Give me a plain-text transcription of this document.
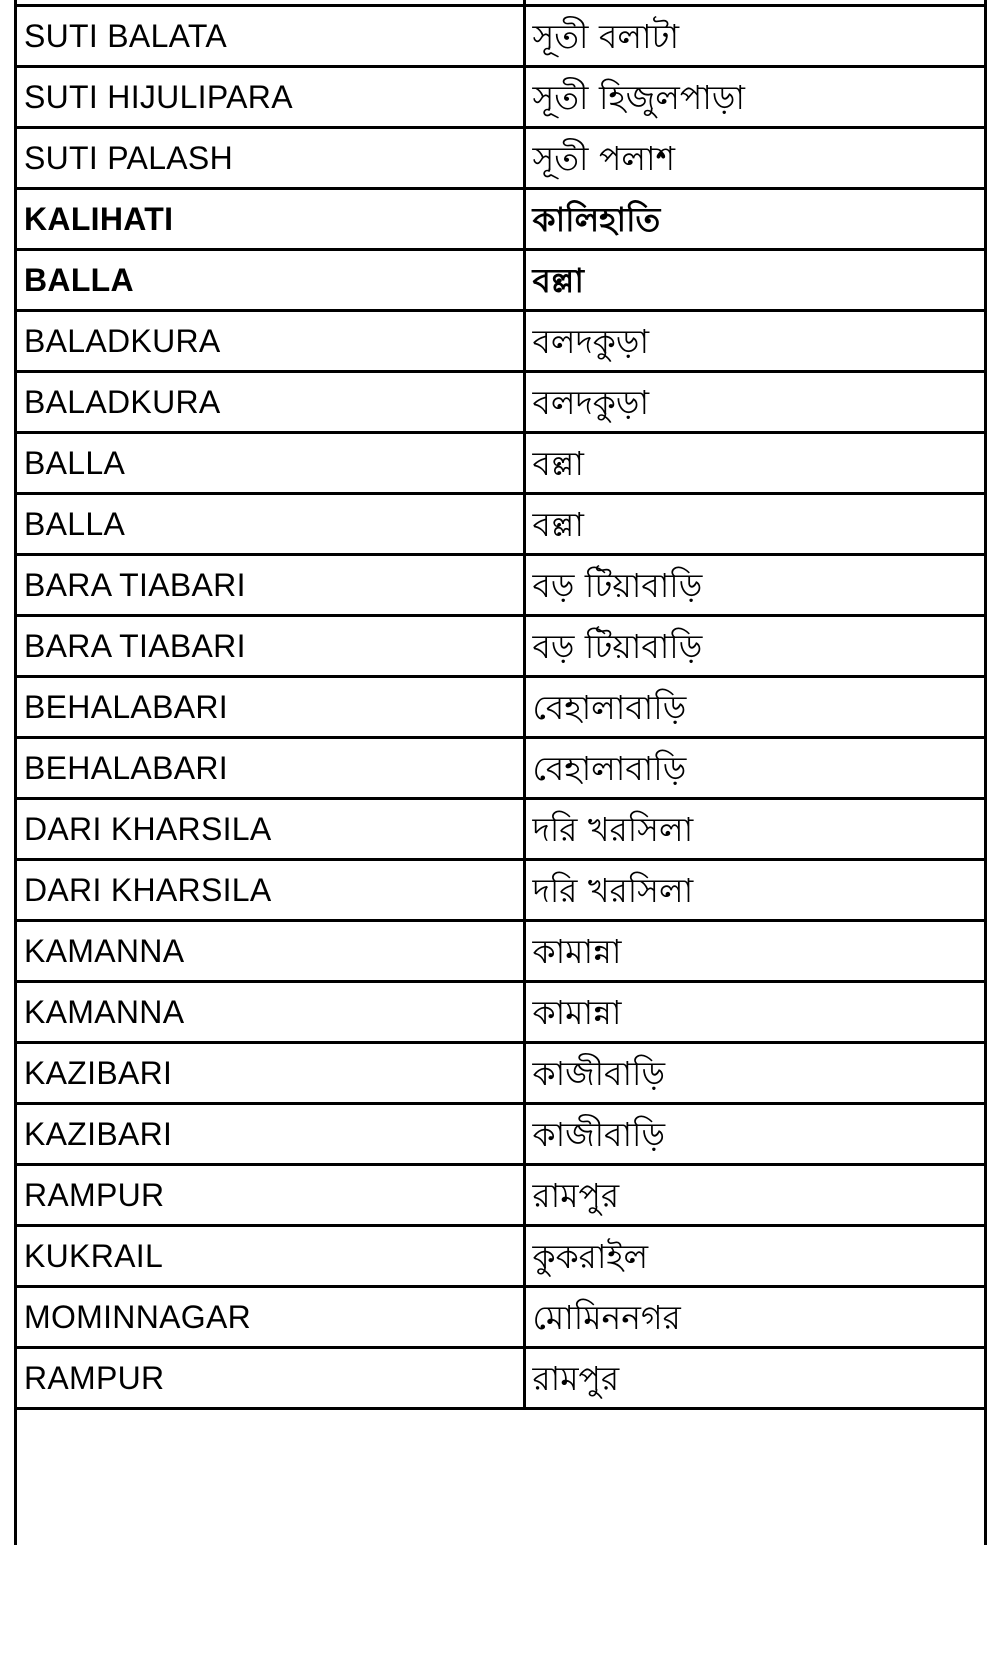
SUTI BALATA	সূতী বলাটা
SUTI HIJULIPARA	সূতী হিজুলপাড়া
SUTI PALASH	সূতী পলাশ
KALIHATI	কালিহাতি
BALLA	বল্লা
BALADKURA	বলদকুড়া
BALADKURA	বলদকুড়া
BALLA	বল্লা
BALLA	বল্লা
BARA TIABARI	বড় টিয়াবাড়ি
BARA TIABARI	বড় টিয়াবাড়ি
BEHALABARI	বেহালাবাড়ি
BEHALABARI	বেহালাবাড়ি
DARI KHARSILA	দরি খরসিলা
DARI KHARSILA	দরি খরসিলা
KAMANNA	কামান্না
KAMANNA	কামান্না
KAZIBARI	কাজীবাড়ি
KAZIBARI	কাজীবাড়ি
RAMPUR	রামপুর
KUKRAIL	কুকরাইল
MOMINNAGAR	মোমিননগর
RAMPUR	রামপুর
